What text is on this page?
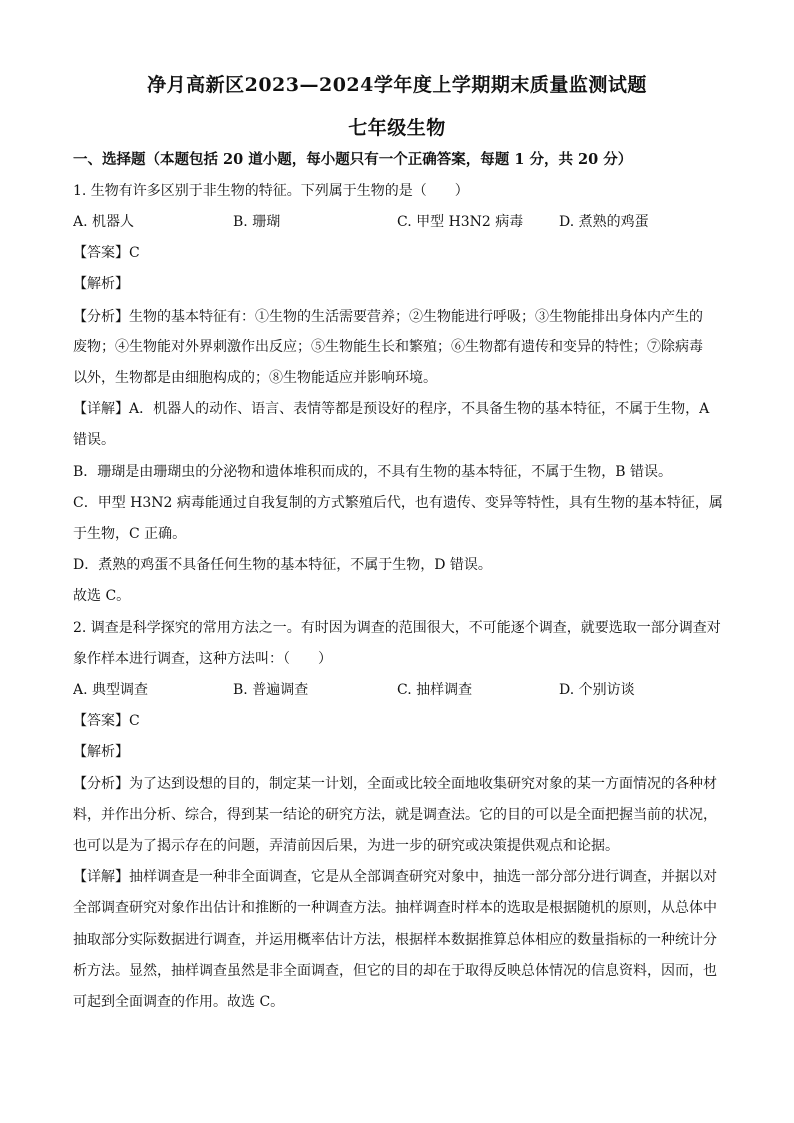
净月高新区2023—2024学年度上学期期末质量监测试题
七年级生物
一、选择题（本题包括 20 道小题，每小题只有一个正确答案，每题 1 分，共 20 分）
1. 生物有许多区别于非生物的特征。下列属于生物的是（　　）
A. 机器人	B. 珊瑚	C. 甲型 H3N2 病毒	D. 煮熟的鸡蛋
【答案】C
【解析】
【分析】生物的基本特征有：①生物的生活需要营养；②生物能进行呼吸；③生物能排出身体内产生的
废物；④生物能对外界刺激作出反应；⑤生物能生长和繁殖；⑥生物都有遗传和变异的特性；⑦除病毒
以外，生物都是由细胞构成的；⑧生物能适应并影响环境。
【详解】A．机器人的动作、语言、表情等都是预设好的程序，不具备生物的基本特征，不属于生物，A
错误。
B．珊瑚是由珊瑚虫的分泌物和遗体堆积而成的，不具有生物的基本特征，不属于生物，B 错误。
C．甲型 H3N2 病毒能通过自我复制的方式繁殖后代，也有遗传、变异等特性，具有生物的基本特征，属
于生物，C 正确。
D．煮熟的鸡蛋不具备任何生物的基本特征，不属于生物，D 错误。
故选 C。
2. 调查是科学探究的常用方法之一。有时因为调查的范围很大，不可能逐个调查，就要选取一部分调查对
象作样本进行调查，这种方法叫：（　　）
A. 典型调查	B. 普遍调查	C. 抽样调查	D. 个别访谈
【答案】C
【解析】
【分析】为了达到设想的目的，制定某一计划，全面或比较全面地收集研究对象的某一方面情况的各种材
料，并作出分析、综合，得到某一结论的研究方法，就是调查法。它的目的可以是全面把握当前的状况，
也可以是为了揭示存在的问题，弄清前因后果，为进一步的研究或决策提供观点和论据。
【详解】抽样调查是一种非全面调查，它是从全部调查研究对象中，抽选一部分部分进行调查，并据以对
全部调查研究对象作出估计和推断的一种调查方法。抽样调查时样本的选取是根据随机的原则，从总体中
抽取部分实际数据进行调查，并运用概率估计方法，根据样本数据推算总体相应的数量指标的一种统计分
析方法。显然，抽样调查虽然是非全面调查，但它的目的却在于取得反映总体情况的信息资料，因而，也
可起到全面调查的作用。故选 C。
